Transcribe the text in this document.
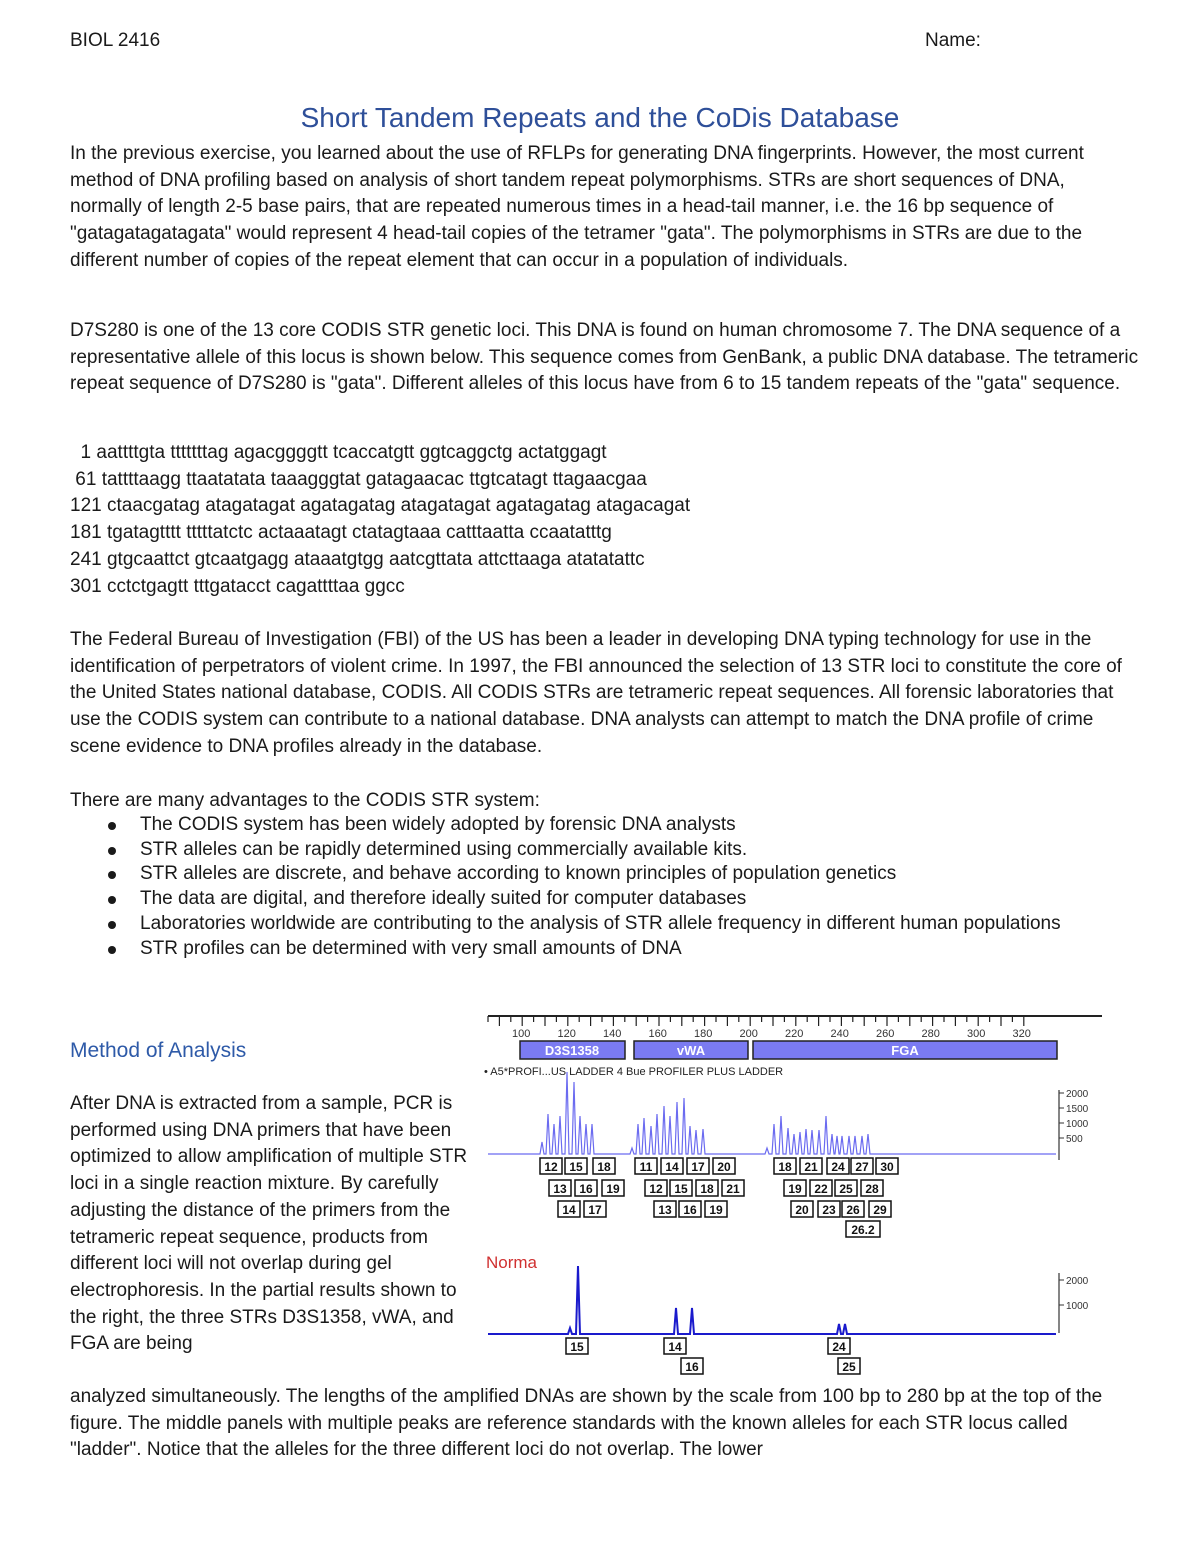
BIOL 2416	Name:
Short Tandem Repeats and the CoDis Database
In the previous exercise, you learned about the use of RFLPs for generating DNA fingerprints. However, the most current method of DNA profiling based on analysis of short tandem repeat polymorphisms. STRs are short sequences of DNA, normally of length 2-5 base pairs, that are repeated numerous times in a head-tail manner, i.e. the 16 bp sequence of "gatagatagatagata" would represent 4 head-tail copies of the tetramer "gata". The polymorphisms in STRs are due to the different number of copies of the repeat element that can occur in a population of individuals.
D7S280 is one of the 13 core CODIS STR genetic loci. This DNA is found on human chromosome 7. The DNA sequence of a representative allele of this locus is shown below. This sequence comes from GenBank, a public DNA database. The tetrameric repeat sequence of D7S280 is "gata". Different alleles of this locus have from 6 to 15 tandem repeats of the "gata" sequence.
1 aattttgta tttttttag agacggggtt tcaccatgtt ggtcaggctg actatggagt
61 tattttaagg ttaatatata taaagggtat gatagaacac ttgtcatagt ttagaacgaa
121 ctaacgatag atagatagat agatagatag atagatagat agatagatag atagacagat
181 tgatagtttt tttttatctc actaaatagt ctatagtaaa catttaatta ccaatatttg
241 gtgcaattct gtcaatgagg ataaatgtgg aatcgttata attcttaaga atatatattc
301 cctctgagtt tttgatacct cagattttaa ggcc
The Federal Bureau of Investigation (FBI) of the US has been a leader in developing DNA typing technology for use in the identification of perpetrators of violent crime. In 1997, the FBI announced the selection of 13 STR loci to constitute the core of the United States national database, CODIS. All CODIS STRs are tetrameric repeat sequences. All forensic laboratories that use the CODIS system can contribute to a national database. DNA analysts can attempt to match the DNA profile of crime scene evidence to DNA profiles already in the database.
There are many advantages to the CODIS STR system:
The CODIS system has been widely adopted by forensic DNA analysts
STR alleles can be rapidly determined using commercially available kits.
STR alleles are discrete, and behave according to known principles of population genetics
The data are digital, and therefore ideally suited for computer databases
Laboratories worldwide are contributing to the analysis of STR allele frequency in different human populations
STR profiles can be determined with very small amounts of DNA
Method of Analysis
After DNA is extracted from a sample, PCR is performed using DNA primers that have been optimized to allow amplification of multiple STR loci in a single reaction mixture. By carefully adjusting the distance of the primers from the tetrameric repeat sequence, products from different loci will not overlap during gel electrophoresis. In the partial results shown to the right, the three STRs D3S1358, vWA, and FGA are being
100 120 140 160 180 200 220 240 260 280 300 320
D3S1358	vWA	FGA
• A5*PROFI...US LADDER 4 Bue PROFILER PLUS LADDER
2000
1500
1000
500
12 15 18
13 16 19
14 17
11 14 17 20
12 15 18 21
13 16 19
18 21 24 27 30
19 22 25 28
20 23 26 29
26.2
Norma
2000
1000
15	14
16
24
25
analyzed simultaneously. The lengths of the amplified DNAs are shown by the scale from 100 bp to 280 bp at the top of the figure. The middle panels with multiple peaks are reference standards with the known alleles for each STR locus called "ladder". Notice that the alleles for the three different loci do not overlap. The lower
